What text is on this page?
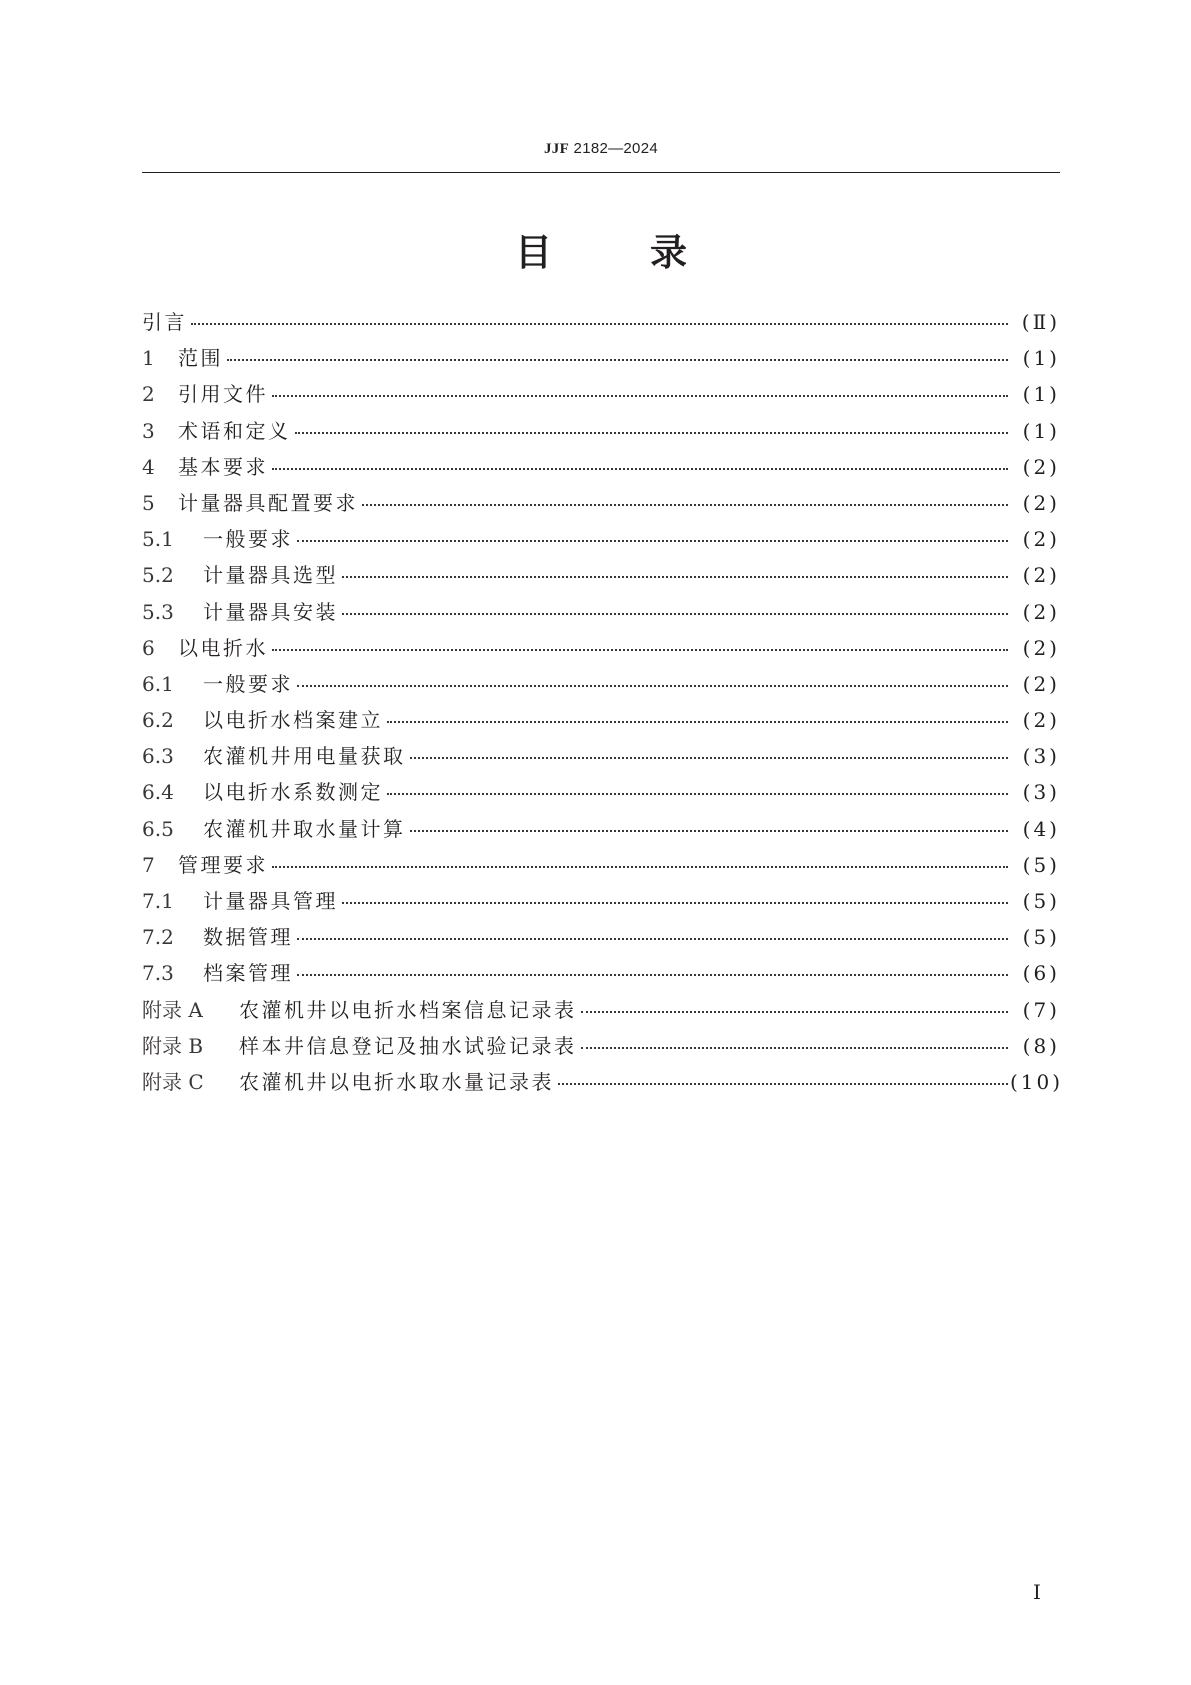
JJF 2182—2024
目	录
引言	(Ⅱ)
1	范围	(1)
2	引用文件	(1)
3	术语和定义	(1)
4	基本要求	(2)
5	计量器具配置要求	(2)
5.1	一般要求	(2)
5.2	计量器具选型	(2)
5.3	计量器具安装	(2)
6	以电折水	(2)
6.1	一般要求	(2)
6.2	以电折水档案建立	(2)
6.3	农灌机井用电量获取	(3)
6.4	以电折水系数测定	(3)
6.5	农灌机井取水量计算	(4)
7	管理要求	(5)
7.1	计量器具管理	(5)
7.2	数据管理	(5)
7.3	档案管理	(6)
附录 A	农灌机井以电折水档案信息记录表	(7)
附录 B	样本井信息登记及抽水试验记录表	(8)
附录 C	农灌机井以电折水取水量记录表	(10)
Ⅰ
